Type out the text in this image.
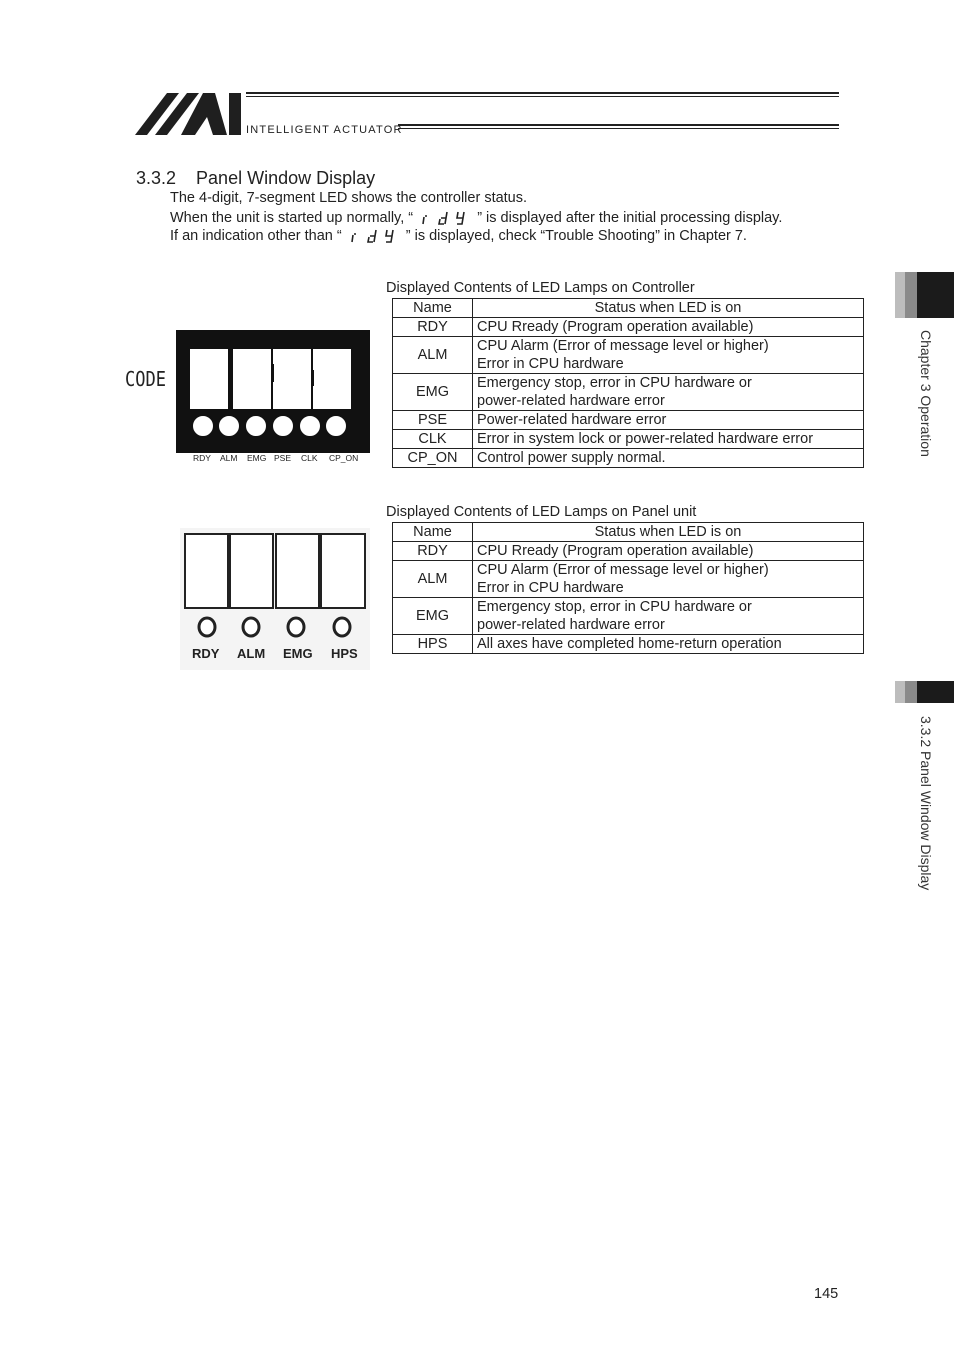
INTELLIGENT ACTUATOR
3.3.2    Panel Window Display
The 4-digit, 7-segment LED shows the controller status.
When the unit is started up normally, “	” is displayed after the initial processing display.
If an indication other than “	” is displayed, check “Trouble Shooting” in Chapter 7.
CODE
RDY ALM EMG PSE CLK CP_ON
Displayed Contents of LED Lamps on Controller
Name	Status when LED is on
RDY	CPU Rready (Program operation available)
ALM	CPU Alarm (Error of message level or higher)
Error in CPU hardware

EMG	Emergency stop, error in CPU hardware or
power-related hardware error

PSE	Power-related hardware error
CLK	Error in system lock or power-related hardware error
CP_ON	Control power supply normal.
RDY ALM EMG HPS
Displayed Contents of LED Lamps on Panel unit
Name	Status when LED is on
RDY	CPU Rready (Program operation available)
ALM	CPU Alarm (Error of message level or higher)
Error in CPU hardware

EMG	Emergency stop, error in CPU hardware or
power-related hardware error

HPS	All axes have completed home-return operation
Chapter 3 Operation
3.3.2 Panel Window Display
145
